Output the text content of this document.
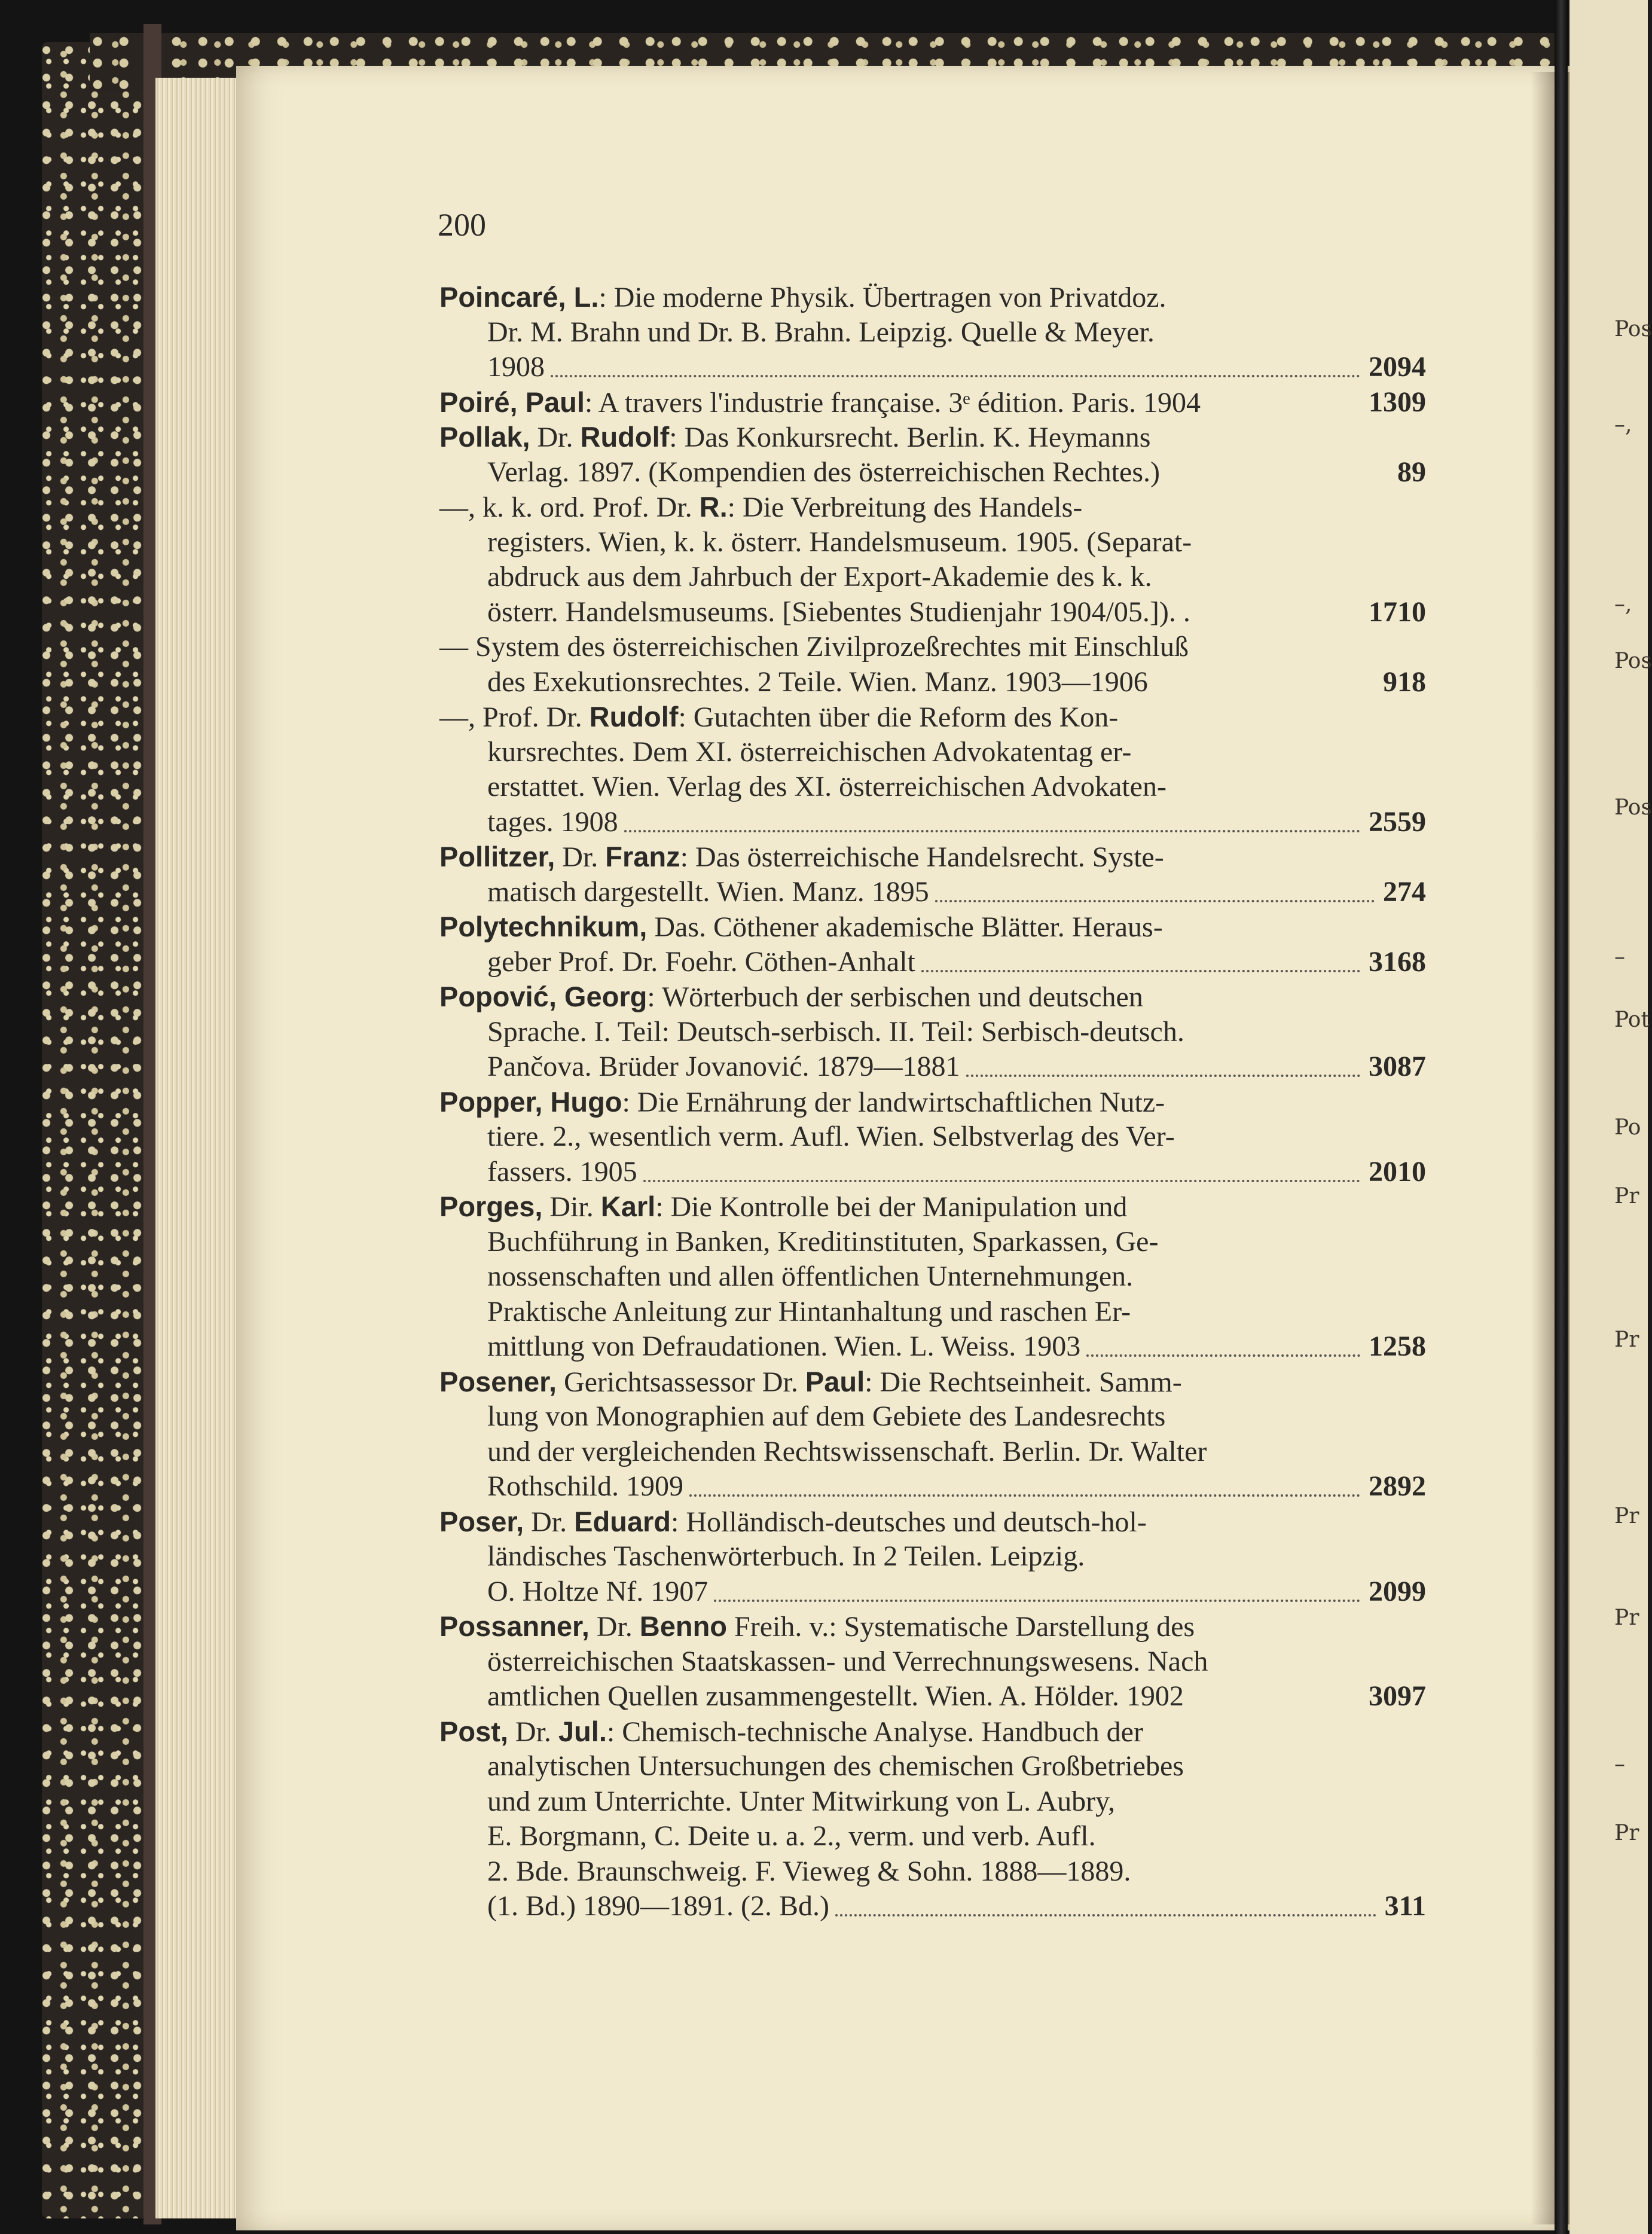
Pos
–,
–,
Pos
Pos
–
Pot
Po
Pr
Pr
Pr
Pr
–
Pr
200
Poincaré, L.: Die moderne Physik. Übertragen von Privatdoz.
Dr. M. Brahn und Dr. B. Brahn. Leipzig. Quelle & Meyer.
1908	2094
Poiré, Paul: A travers l'industrie française. 3ᵉ édition. Paris. 1904	1309
Pollak, Dr. Rudolf: Das Konkursrecht. Berlin. K. Heymanns
Verlag. 1897. (Kompendien des österreichischen Rechtes.)	89
—, k. k. ord. Prof. Dr. R.: Die Verbreitung des Handels-
registers. Wien, k. k. österr. Handelsmuseum. 1905. (Separat-
abdruck aus dem Jahrbuch der Export-Akademie des k. k.
österr. Handelsmuseums. [Siebentes Studienjahr 1904/05.]). .	1710
— System des österreichischen Zivilprozeßrechtes mit Einschluß
des Exekutionsrechtes. 2 Teile. Wien. Manz. 1903—1906	918
—, Prof. Dr. Rudolf: Gutachten über die Reform des Kon-
kursrechtes. Dem XI. österreichischen Advokatentag er-
erstattet. Wien. Verlag des XI. österreichischen Advokaten-
tages. 1908	2559
Pollitzer, Dr. Franz: Das österreichische Handelsrecht. Syste-
matisch dargestellt. Wien. Manz. 1895	274
Polytechnikum, Das. Cöthener akademische Blätter. Heraus-
geber Prof. Dr. Foehr. Cöthen-Anhalt	3168
Popović, Georg: Wörterbuch der serbischen und deutschen
Sprache. I. Teil: Deutsch-serbisch. II. Teil: Serbisch-deutsch.
Pančova. Brüder Jovanović. 1879—1881	3087
Popper, Hugo: Die Ernährung der landwirtschaftlichen Nutz-
tiere. 2., wesentlich verm. Aufl. Wien. Selbstverlag des Ver-
fassers. 1905	2010
Porges, Dir. Karl: Die Kontrolle bei der Manipulation und
Buchführung in Banken, Kreditinstituten, Sparkassen, Ge-
nossenschaften und allen öffentlichen Unternehmungen.
Praktische Anleitung zur Hintanhaltung und raschen Er-
mittlung von Defraudationen. Wien. L. Weiss. 1903	1258
Posener, Gerichtsassessor Dr. Paul: Die Rechtseinheit. Samm-
lung von Monographien auf dem Gebiete des Landesrechts
und der vergleichenden Rechtswissenschaft. Berlin. Dr. Walter
Rothschild. 1909	2892
Poser, Dr. Eduard: Holländisch-deutsches und deutsch-hol-
ländisches Taschenwörterbuch. In 2 Teilen. Leipzig.
O. Holtze Nf. 1907	2099
Possanner, Dr. Benno Freih. v.: Systematische Darstellung des
österreichischen Staatskassen- und Verrechnungswesens. Nach
amtlichen Quellen zusammengestellt. Wien. A. Hölder. 1902	3097
Post, Dr. Jul.: Chemisch-technische Analyse. Handbuch der
analytischen Untersuchungen des chemischen Großbetriebes
und zum Unterrichte. Unter Mitwirkung von L. Aubry,
E. Borgmann, C. Deite u. a. 2., verm. und verb. Aufl.
2. Bde. Braunschweig. F. Vieweg & Sohn. 1888—1889.
(1. Bd.) 1890—1891. (2. Bd.)	311
